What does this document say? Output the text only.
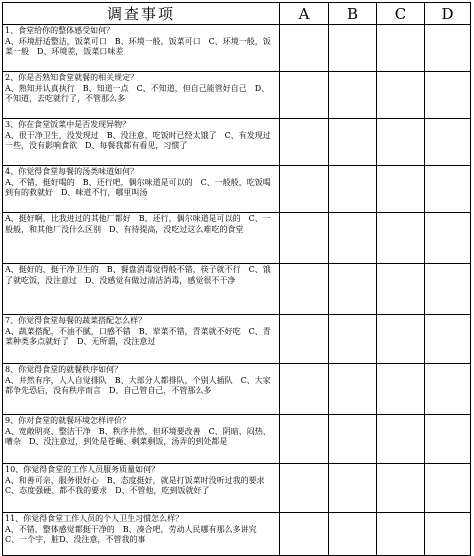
调查事项	A	B	C	D
1、食堂给你的整体感受如何？
A、环境舒适整洁，饭菜可口　B、环境一般，饭菜可口　C、环境一般，饭菜一般　D、环境差，饭菜口味差				
2、你是否熟知食堂就餐的相关规定？
A、熟知并认真执行　B、知道一点　C、不知道，但自己能管好自己　D、不知道，去吃就行了，不管那么多				
3、你在食堂饭菜中是否发现异物？
A、很干净卫生，没发现过　B、没注意，吃饭时已经太饿了　C、有发现过一些，没有影响食欲　D、每餐我都有看见，习惯了				
4、你觉得食堂每餐的汤类味道如何？
A、不错，挺好喝的　B、还行吧，偶尔味道是可以的　C、一般般，吃饭喝到有的救就好　D、味道不行，哪里叫汤				
A、挺好啊，比我进过的其他厂都好　B、还行，偶尔味道是可以的　C、一般般，和其他厂没什么区别　D、有待提高，没吃过这么难吃的食堂				
A、挺好的，挺干净卫生的　B、餐盘消毒觉得般不错，筷子就不行　C、饿了就吃饭，没注意过　D、没感觉有做过清洁消毒，感觉很不干净				
7、你觉得食堂每餐的蔬菜搭配怎么样？
A、蔬菜搭配，不油不腻，口感不错　B、荤菜不错，青菜就不好吃　C、青菜种类多点就好了　D、无所谓，没注意过				
8、你觉得食堂的就餐秩序如何？
A、井然有序，人人自觉排队　B、大部分人都排队，个别人插队　C、大家都争先恐后，没有秩序而言　D、自己管自己，不管那么多				
9、你对食堂的就餐环境怎样评价？
A、宽敞明亮、整洁干净　B、秩序井然，但环境要改善　C、阴暗、闷热、嘈杂　D、没注意过，到处是苍蝇、剩菜剩饭，汤弄的到处都是				
10、你觉得食堂的工作人员服务质量如何？
A、和善可亲，服务很好心　B、态度挺好，就是打饭菜时没听过我的要求　C、态度强硬、都不我的要求　D、不管他，吃到饭就好了				
11、你觉得食堂工作人员的个人卫生习惯怎么样？
A、不错，整体感觉都挺干净的　B、凑合吧，劳动人民哪有那么多讲究　C、一个字，脏D、没注意，不管我的事				
